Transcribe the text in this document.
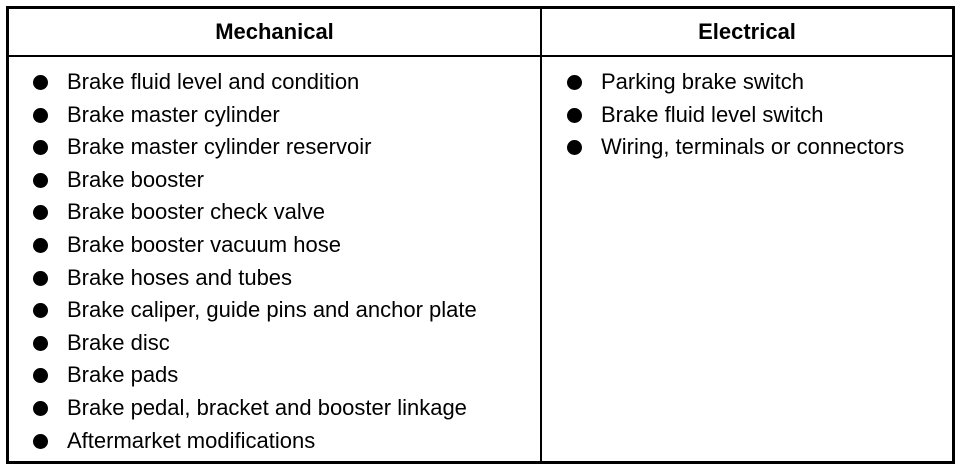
Mechanical	Electrical
Brake fluid level and condition
Brake master cylinder
Brake master cylinder reservoir
Brake booster
Brake booster check valve
Brake booster vacuum hose
Brake hoses and tubes
Brake caliper, guide pins and anchor plate
Brake disc
Brake pads
Brake pedal, bracket and booster linkage
Aftermarket modifications
Parking brake switch
Brake fluid level switch
Wiring, terminals or connectors
